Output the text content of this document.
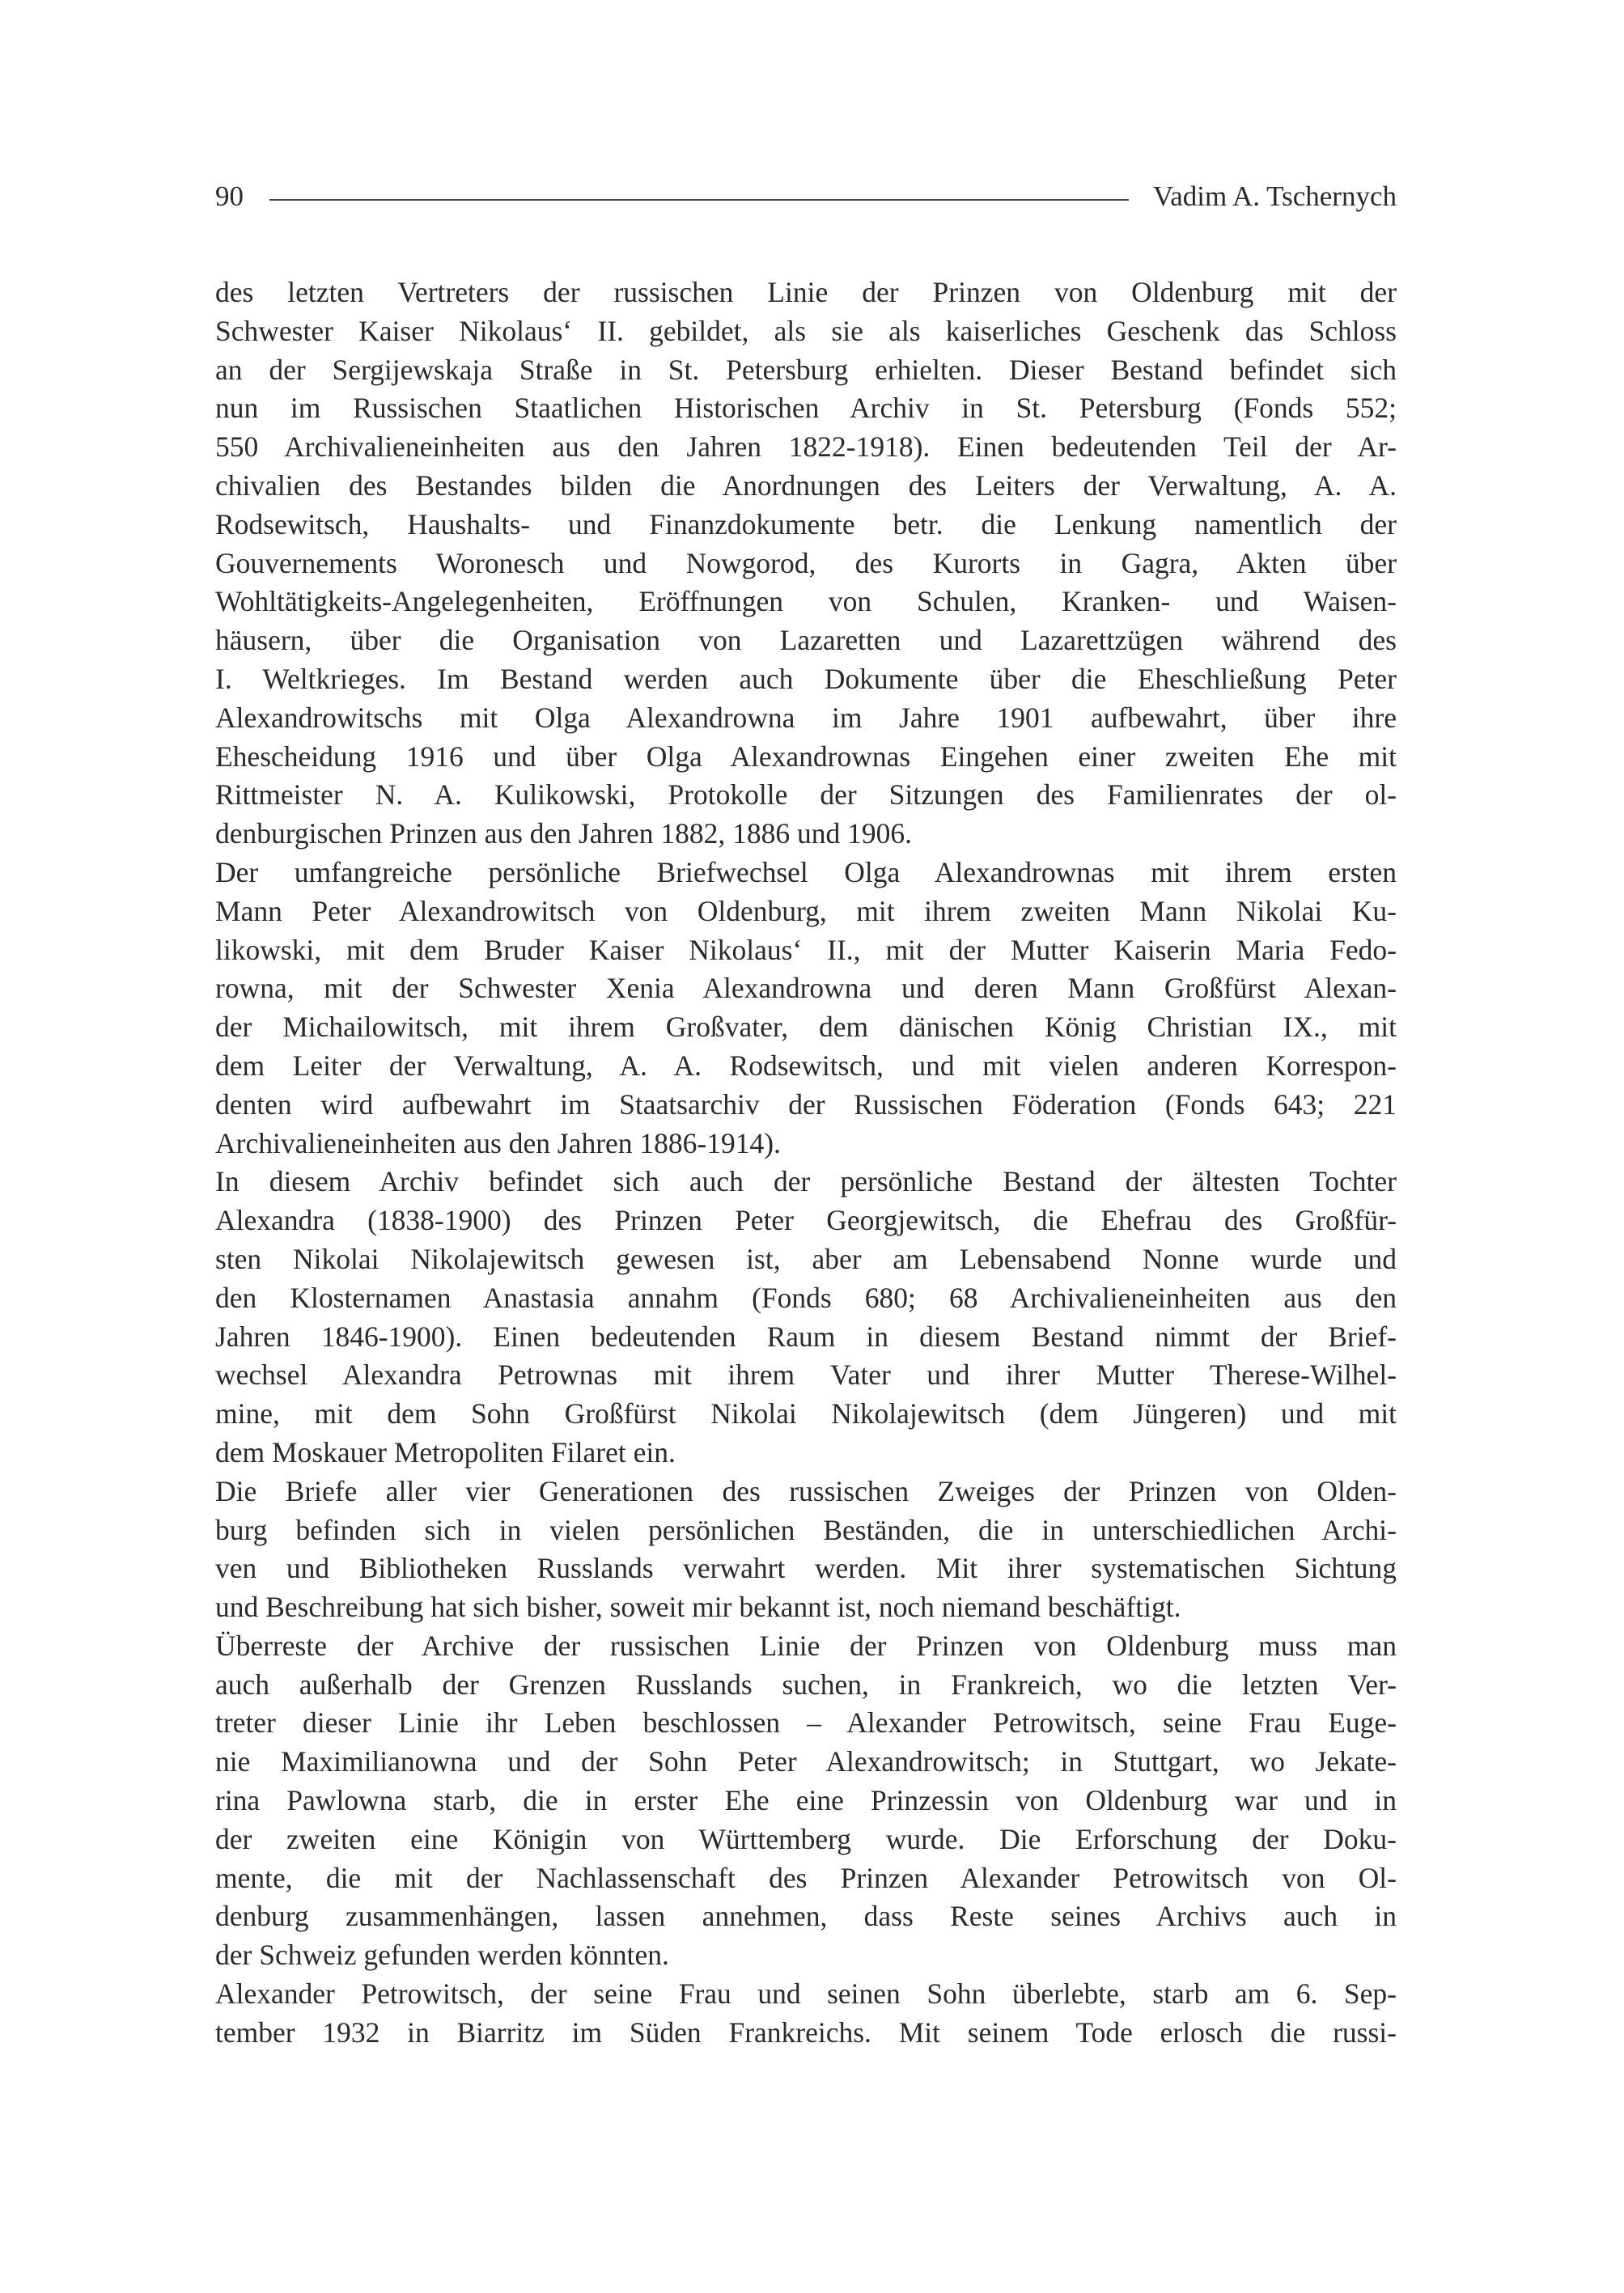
90	Vadim A. Tschernych
des letzten Vertreters der russischen Linie der Prinzen von Oldenburg mit der
Schwester Kaiser Nikolaus‘ II. gebildet, als sie als kaiserliches Geschenk das Schloss
an der Sergijewskaja Straße in St. Petersburg erhielten. Dieser Bestand befindet sich
nun im Russischen Staatlichen Historischen Archiv in St. Petersburg (Fonds 552;
550 Archivalieneinheiten aus den Jahren 1822-1918). Einen bedeutenden Teil der Ar-
chivalien des Bestandes bilden die Anordnungen des Leiters der Verwaltung, A. A.
Rodsewitsch, Haushalts- und Finanzdokumente betr. die Lenkung namentlich der
Gouvernements Woronesch und Nowgorod, des Kurorts in Gagra, Akten über
Wohltätigkeits-Angelegenheiten, Eröffnungen von Schulen, Kranken- und Waisen-
häusern, über die Organisation von Lazaretten und Lazarettzügen während des
I. Weltkrieges. Im Bestand werden auch Dokumente über die Eheschließung Peter
Alexandrowitschs mit Olga Alexandrowna im Jahre 1901 aufbewahrt, über ihre
Ehescheidung 1916 und über Olga Alexandrownas Eingehen einer zweiten Ehe mit
Rittmeister N. A. Kulikowski, Protokolle der Sitzungen des Familienrates der ol-
denburgischen Prinzen aus den Jahren 1882, 1886 und 1906.
Der umfangreiche persönliche Briefwechsel Olga Alexandrownas mit ihrem ersten
Mann Peter Alexandrowitsch von Oldenburg, mit ihrem zweiten Mann Nikolai Ku-
likowski, mit dem Bruder Kaiser Nikolaus‘ II., mit der Mutter Kaiserin Maria Fedo-
rowna, mit der Schwester Xenia Alexandrowna und deren Mann Großfürst Alexan-
der Michailowitsch, mit ihrem Großvater, dem dänischen König Christian IX., mit
dem Leiter der Verwaltung, A. A. Rodsewitsch, und mit vielen anderen Korrespon-
denten wird aufbewahrt im Staatsarchiv der Russischen Föderation (Fonds 643; 221
Archivalieneinheiten aus den Jahren 1886-1914).
In diesem Archiv befindet sich auch der persönliche Bestand der ältesten Tochter
Alexandra (1838-1900) des Prinzen Peter Georgjewitsch, die Ehefrau des Großfür-
sten Nikolai Nikolajewitsch gewesen ist, aber am Lebensabend Nonne wurde und
den Klosternamen Anastasia annahm (Fonds 680; 68 Archivalieneinheiten aus den
Jahren 1846-1900). Einen bedeutenden Raum in diesem Bestand nimmt der Brief-
wechsel Alexandra Petrownas mit ihrem Vater und ihrer Mutter Therese-Wilhel-
mine, mit dem Sohn Großfürst Nikolai Nikolajewitsch (dem Jüngeren) und mit
dem Moskauer Metropoliten Filaret ein.
Die Briefe aller vier Generationen des russischen Zweiges der Prinzen von Olden-
burg befinden sich in vielen persönlichen Beständen, die in unterschiedlichen Archi-
ven und Bibliotheken Russlands verwahrt werden. Mit ihrer systematischen Sichtung
und Beschreibung hat sich bisher, soweit mir bekannt ist, noch niemand beschäftigt.
Überreste der Archive der russischen Linie der Prinzen von Oldenburg muss man
auch außerhalb der Grenzen Russlands suchen, in Frankreich, wo die letzten Ver-
treter dieser Linie ihr Leben beschlossen – Alexander Petrowitsch, seine Frau Euge-
nie Maximilianowna und der Sohn Peter Alexandrowitsch; in Stuttgart, wo Jekate-
rina Pawlowna starb, die in erster Ehe eine Prinzessin von Oldenburg war und in
der zweiten eine Königin von Württemberg wurde. Die Erforschung der Doku-
mente, die mit der Nachlassenschaft des Prinzen Alexander Petrowitsch von Ol-
denburg zusammenhängen, lassen annehmen, dass Reste seines Archivs auch in
der Schweiz gefunden werden könnten.
Alexander Petrowitsch, der seine Frau und seinen Sohn überlebte, starb am 6. Sep-
tember 1932 in Biarritz im Süden Frankreichs. Mit seinem Tode erlosch die russi-
